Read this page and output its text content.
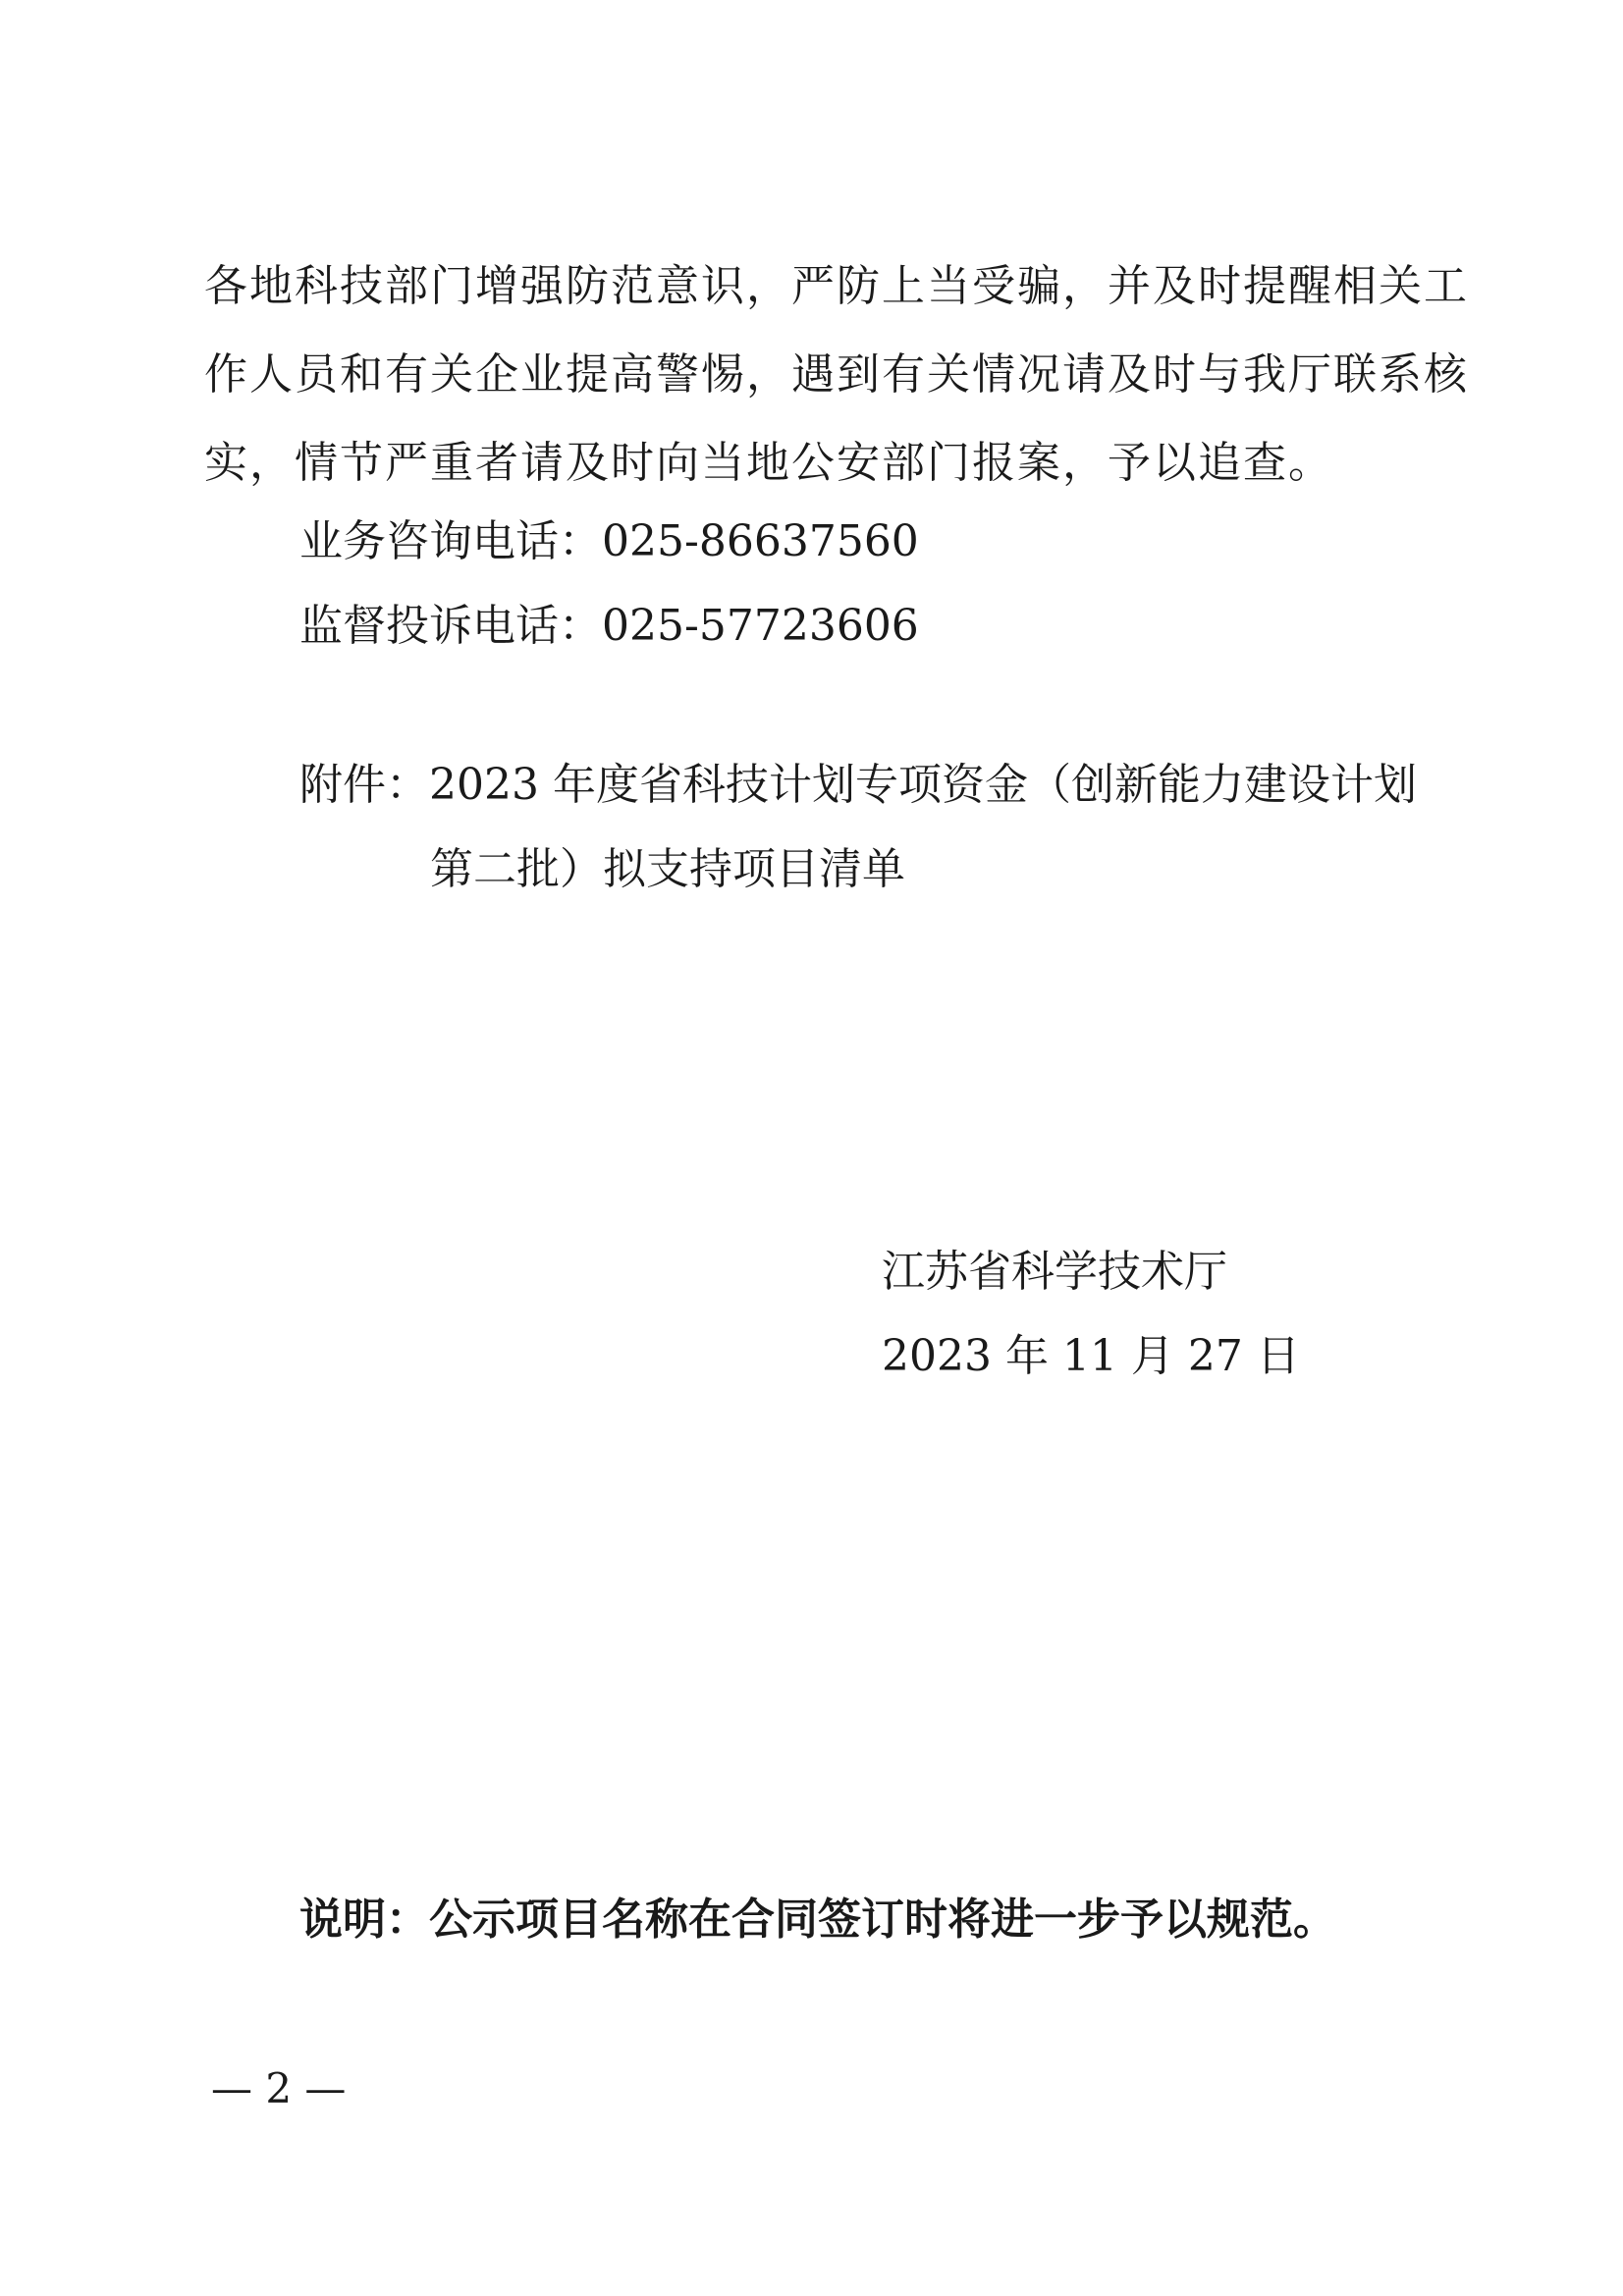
各地科技部门增强防范意识，严防上当受骗，并及时提醒相关工
作人员和有关企业提高警惕，遇到有关情况请及时与我厅联系核
实，情节严重者请及时向当地公安部门报案，予以追查。
业务咨询电话：025-86637560
监督投诉电话：025-57723606
附件：2023 年度省科技计划专项资金（创新能力建设计划
第二批）拟支持项目清单
江苏省科学技术厅
2023 年 11 月 27 日
说明：公示项目名称在合同签订时将进一步予以规范。
— 2 —
